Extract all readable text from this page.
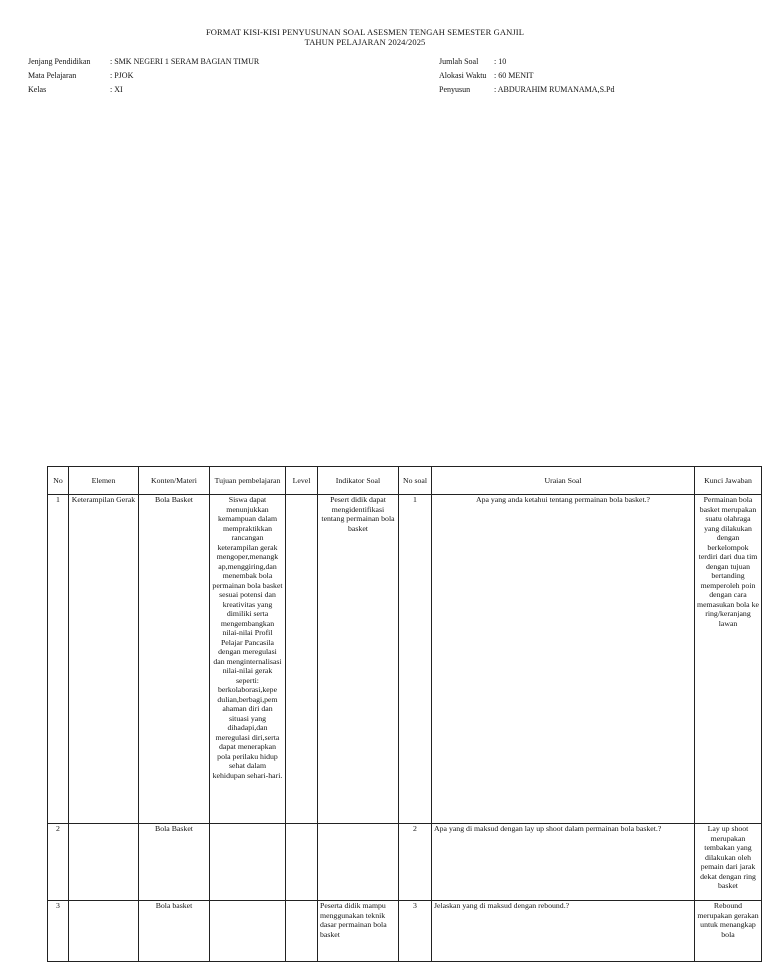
FORMAT KISI-KISI PENYUSUNAN SOAL ASESMEN TENGAH SEMESTER GANJIL
TAHUN PELAJARAN 2024/2025
Jenjang Pendidikan	: SMK NEGERI 1 SERAM BAGIAN TIMUR
Mata Pelajaran	: PJOK
Kelas	: XI
Jumlah Soal	: 10
Alokasi Waktu : 60 MENIT
Penyusun	: ABDURAHIM RUMANAMA,S.Pd
No	Elemen	Konten/Materi	Tujuan pembelajaran	Level	Indikator Soal	No soal	Uraian Soal	Kunci Jawaban
1	Keterampilan Gerak	Bola Basket	Siswa dapat menunjukkan kemampuan dalam mempraktikkan rancangan keterampilan gerak mengoper,menangk ap,menggiring,dan menembak bola permainan bola basket sesuai potensi dan kreativitas yang dimiliki serta mengembangkan nilai-nilai Profil Pelajar Pancasila dengan meregulasi dan menginternalisasi nilai-nilai gerak seperti: berkolaborasi,kepe dulian,berbagi,pem ahaman diri dan situasi yang dihadapi,dan meregulasi diri,serta dapat menerapkan pola perilaku hidup sehat dalam kehidupan sehari-hari.		Pesert didik dapat mengidentifikasi tentang permainan bola basket	1	Apa yang anda ketahui tentang permainan bola basket.?	Permainan bola basket merupakan suatu olahraga yang dilakukan dengan berkelompok terdiri dari dua tim dengan tujuan bertanding memperoleh poin dengan cara memasukan bola ke ring/keranjang lawan
2		Bola Basket				2	Apa yang di maksud dengan lay up shoot dalam permainan bola basket.?	Lay up shoot merupakan tembakan yang dilakukan oleh pemain dari jarak dekat dengan ring basket
3		Bola basket			Peserta didik mampu menggunakan teknik dasar permainan bola basket	3	Jelaskan yang di maksud dengan rebound.?	Rebound merupakan gerakan untuk menangkap bola
